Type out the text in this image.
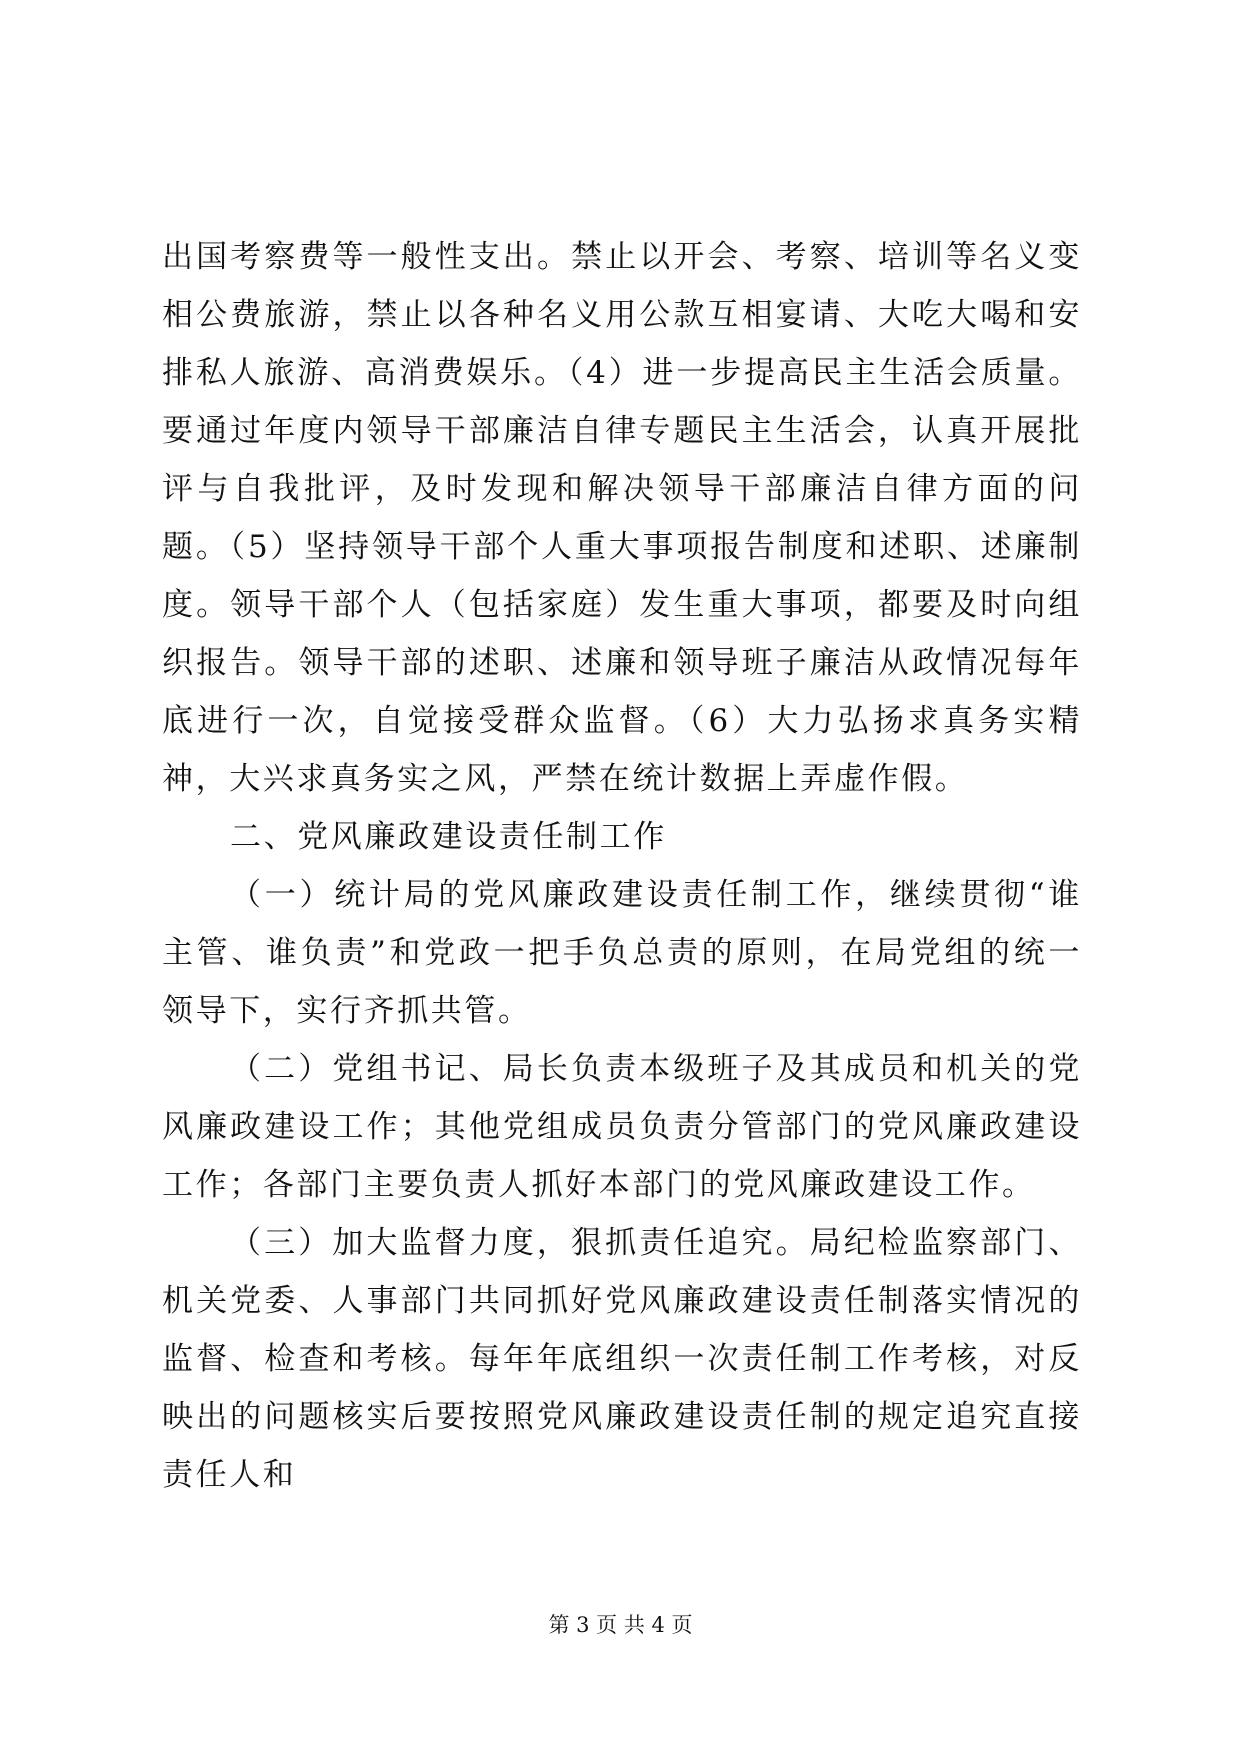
出国考察费等一般性支出。禁止以开会、考察、培训等名义变相公费旅游，禁止以各种名义用公款互相宴请、大吃大喝和安排私人旅游、高消费娱乐。（4）进一步提高民主生活会质量。要通过年度内领导干部廉洁自律专题民主生活会，认真开展批评与自我批评，及时发现和解决领导干部廉洁自律方面的问题。（5）坚持领导干部个人重大事项报告制度和述职、述廉制度。领导干部个人（包括家庭）发生重大事项，都要及时向组织报告。领导干部的述职、述廉和领导班子廉洁从政情况每年底进行一次，自觉接受群众监督。（6）大力弘扬求真务实精神，大兴求真务实之风，严禁在统计数据上弄虚作假。

二、党风廉政建设责任制工作

（一）统计局的党风廉政建设责任制工作，继续贯彻“谁主管、谁负责”和党政一把手负总责的原则，在局党组的统一领导下，实行齐抓共管。

（二）党组书记、局长负责本级班子及其成员和机关的党风廉政建设工作；其他党组成员负责分管部门的党风廉政建设工作；各部门主要负责人抓好本部门的党风廉政建设工作。

（三）加大监督力度，狠抓责任追究。局纪检监察部门、机关党委、人事部门共同抓好党风廉政建设责任制落实情况的监督、检查和考核。每年年底组织一次责任制工作考核，对反映出的问题核实后要按照党风廉政建设责任制的规定追究直接责任人和

第 3 页 共 4 页
